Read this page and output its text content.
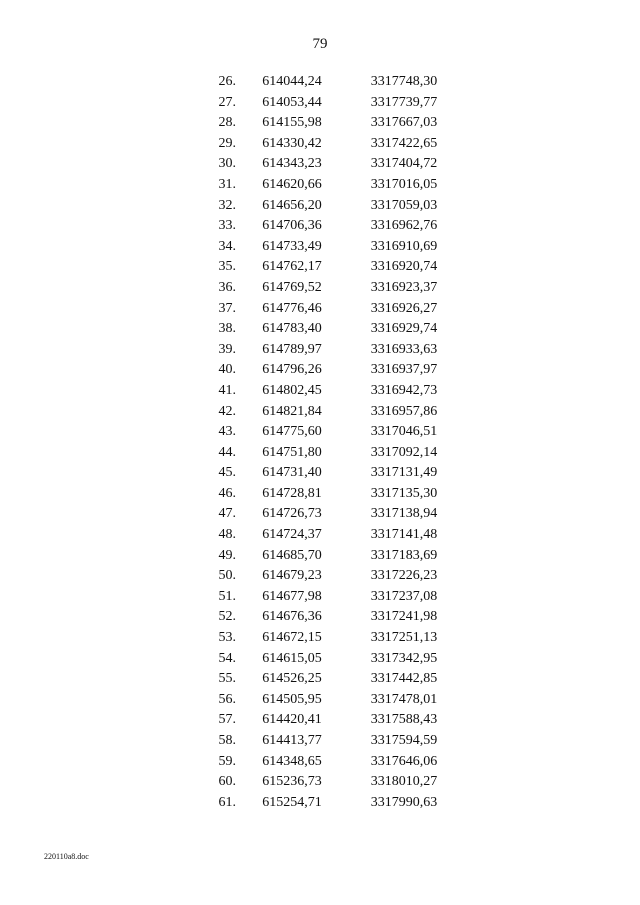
79
26.	614044,24	3317748,30
27.	614053,44	3317739,77
28.	614155,98	3317667,03
29.	614330,42	3317422,65
30.	614343,23	3317404,72
31.	614620,66	3317016,05
32.	614656,20	3317059,03
33.	614706,36	3316962,76
34.	614733,49	3316910,69
35.	614762,17	3316920,74
36.	614769,52	3316923,37
37.	614776,46	3316926,27
38.	614783,40	3316929,74
39.	614789,97	3316933,63
40.	614796,26	3316937,97
41.	614802,45	3316942,73
42.	614821,84	3316957,86
43.	614775,60	3317046,51
44.	614751,80	3317092,14
45.	614731,40	3317131,49
46.	614728,81	3317135,30
47.	614726,73	3317138,94
48.	614724,37	3317141,48
49.	614685,70	3317183,69
50.	614679,23	3317226,23
51.	614677,98	3317237,08
52.	614676,36	3317241,98
53.	614672,15	3317251,13
54.	614615,05	3317342,95
55.	614526,25	3317442,85
56.	614505,95	3317478,01
57.	614420,41	3317588,43
58.	614413,77	3317594,59
59.	614348,65	3317646,06
60.	615236,73	3318010,27
61.	615254,71	3317990,63
220110a8.doc
